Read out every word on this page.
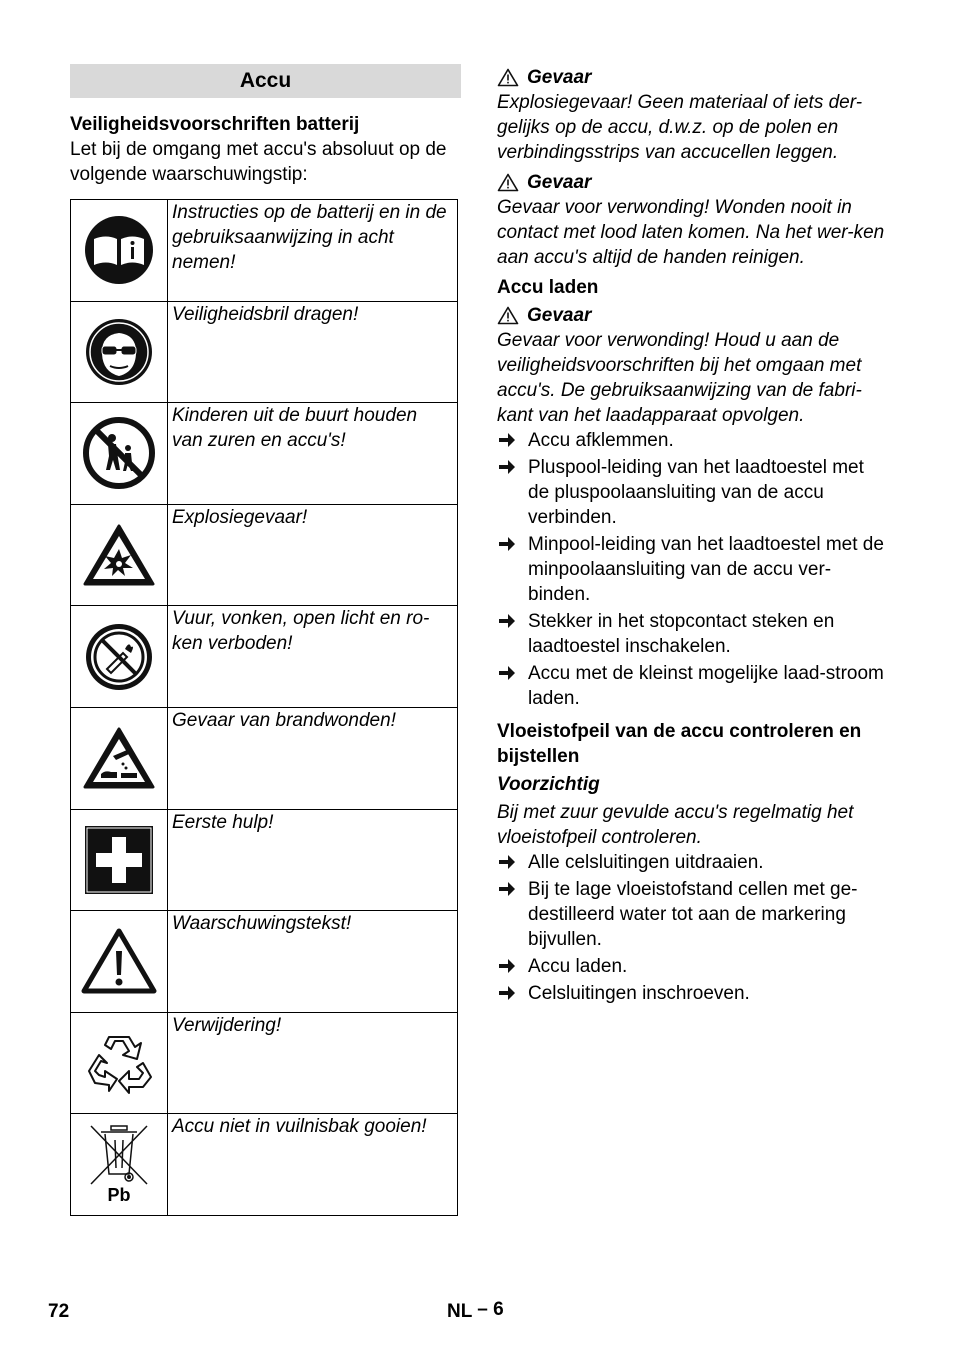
Accu
Veiligheidsvoorschriften batterij
Let bij de omgang met accu's absoluut op de volgende waarschuwingstip:
	Instructies op de batterij en in de gebruiksaanwijzing in acht nemen!

	Veiligheidsbril dragen!

	Kinderen uit de buurt houden van zuren en accu's!

	Explosiegevaar!

	Vuur, vonken, open licht en ro-ken verboden!

	Gevaar van brandwonden!

	Eerste hulp!

	Waarschuwingstekst!

	Verwijdering!

Pb	Accu niet in vuilnisbak gooien!
Gevaar
Explosiegevaar! Geen materiaal of iets der-gelijks op de accu, d.w.z. op de polen en verbindingsstrips van accucellen leggen.
Gevaar
Gevaar voor verwonding! Wonden nooit in contact met lood laten komen. Na het wer-ken aan accu's altijd de handen reinigen.
Accu laden
Gevaar
Gevaar voor verwonding! Houd u aan de veiligheidsvoorschriften bij het omgaan met accu's. De gebruiksaanwijzing van de fabri-kant van het laadapparaat opvolgen.
Accu afklemmen.
Pluspool-leiding van het laadtoestel met de pluspoolaansluiting van de accu verbinden.
Minpool-leiding van het laadtoestel met de minpoolaansluiting van de accu ver-binden.
Stekker in het stopcontact steken en laadtoestel inschakelen.
Accu met de kleinst mogelijke laad-stroom laden.
Vloeistofpeil van de accu controleren en bijstellen
Voorzichtig
Bij met zuur gevulde accu's regelmatig het vloeistofpeil controleren.
Alle celsluitingen uitdraaien.
Bij te lage vloeistofstand cellen met ge-destilleerd water tot aan de markering bijvullen.
Accu laden.
Celsluitingen inschroeven.
72	NL – 6
